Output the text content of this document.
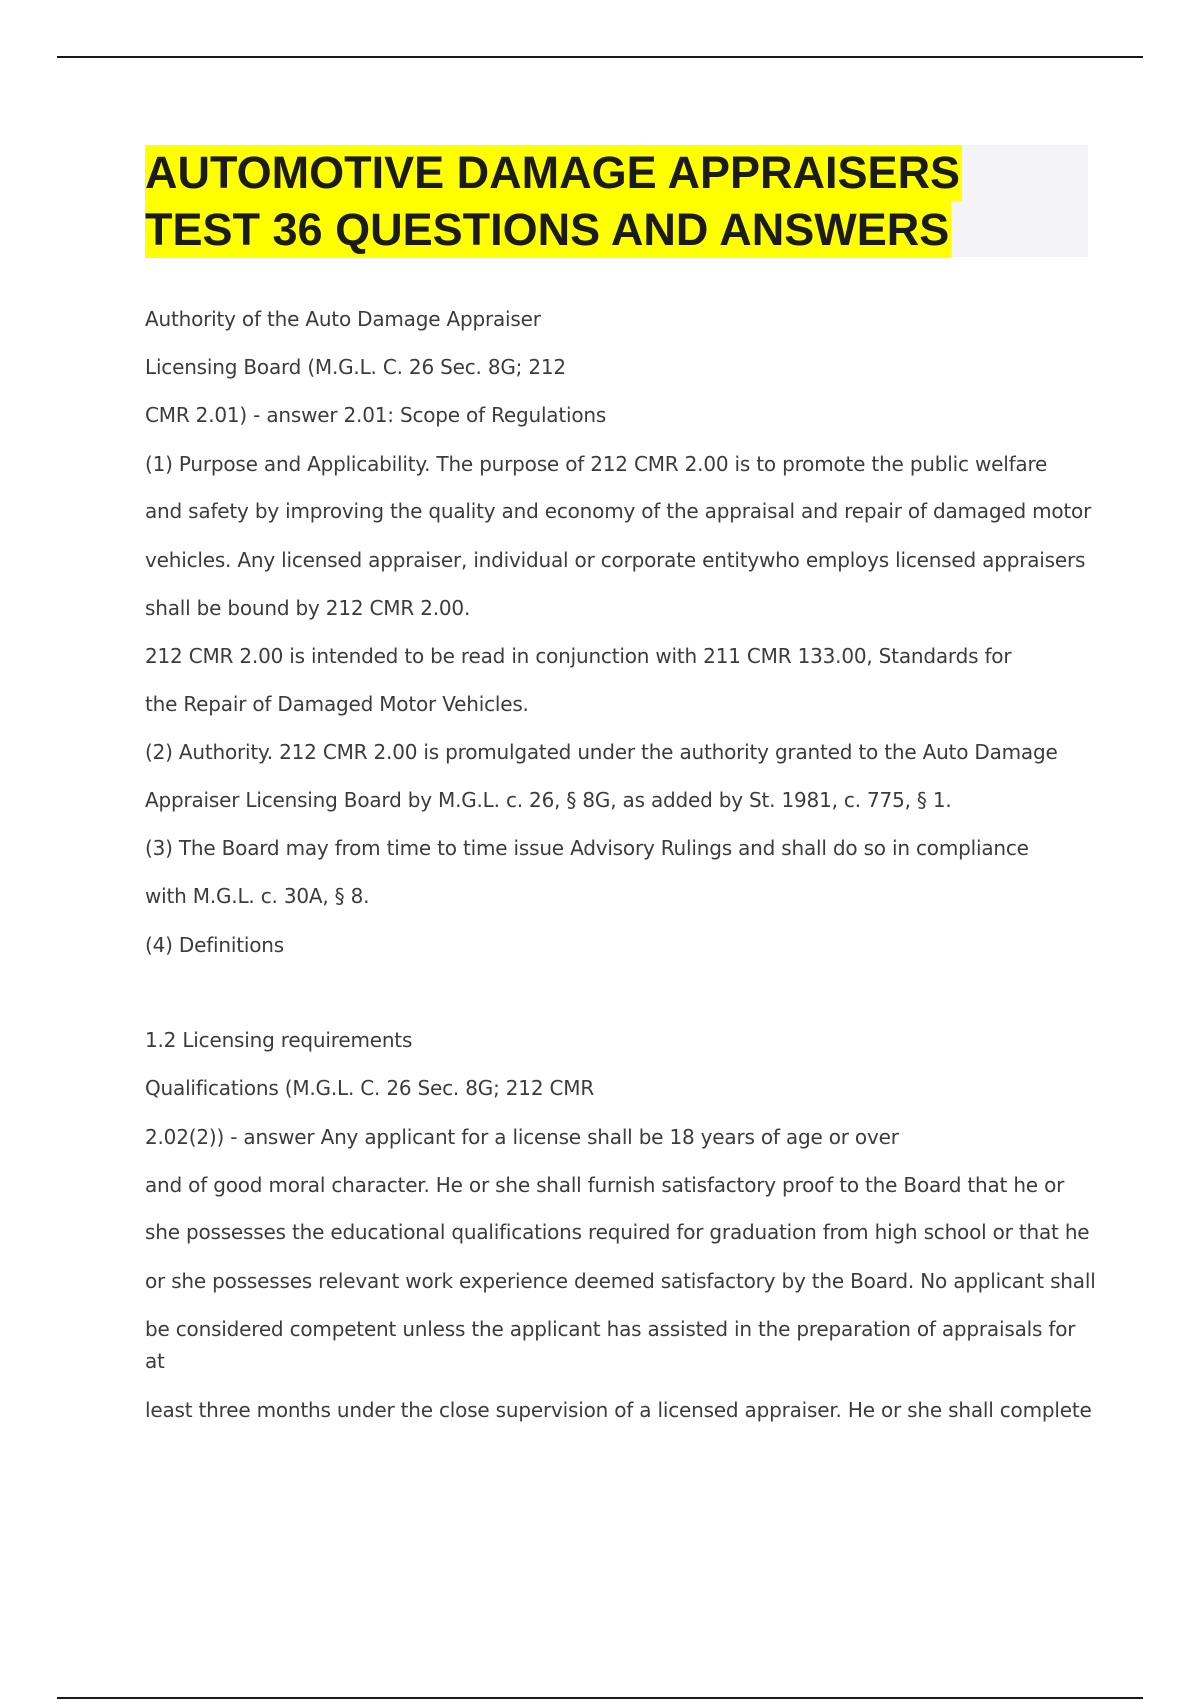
AUTOMOTIVE DAMAGE APPRAISERS
TEST 36 QUESTIONS AND ANSWERS

Authority of the Auto Damage Appraiser

Licensing Board (M.G.L. C. 26 Sec. 8G; 212

CMR 2.01) - answer 2.01: Scope of Regulations

(1) Purpose and Applicability. The purpose of 212 CMR 2.00 is to promote the public welfare

and safety by improving the quality and economy of the appraisal and repair of damaged motor

vehicles. Any licensed appraiser, individual or corporate entitywho employs licensed appraisers

shall be bound by 212 CMR 2.00.

212 CMR 2.00 is intended to be read in conjunction with 211 CMR 133.00, Standards for

the Repair of Damaged Motor Vehicles.

(2) Authority. 212 CMR 2.00 is promulgated under the authority granted to the Auto Damage

Appraiser Licensing Board by M.G.L. c. 26, § 8G, as added by St. 1981, c. 775, § 1.

(3) The Board may from time to time issue Advisory Rulings and shall do so in compliance

with M.G.L. c. 30A, § 8.

(4) Definitions

1.2 Licensing requirements

Qualifications (M.G.L. C. 26 Sec. 8G; 212 CMR

2.02(2)) - answer Any applicant for a license shall be 18 years of age or over

and of good moral character. He or she shall furnish satisfactory proof to the Board that he or

she possesses the educational qualifications required for graduation from high school or that he

or she possesses relevant work experience deemed satisfactory by the Board. No applicant shall

be considered competent unless the applicant has assisted in the preparation of appraisals for

at

least three months under the close supervision of a licensed appraiser. He or she shall complete
